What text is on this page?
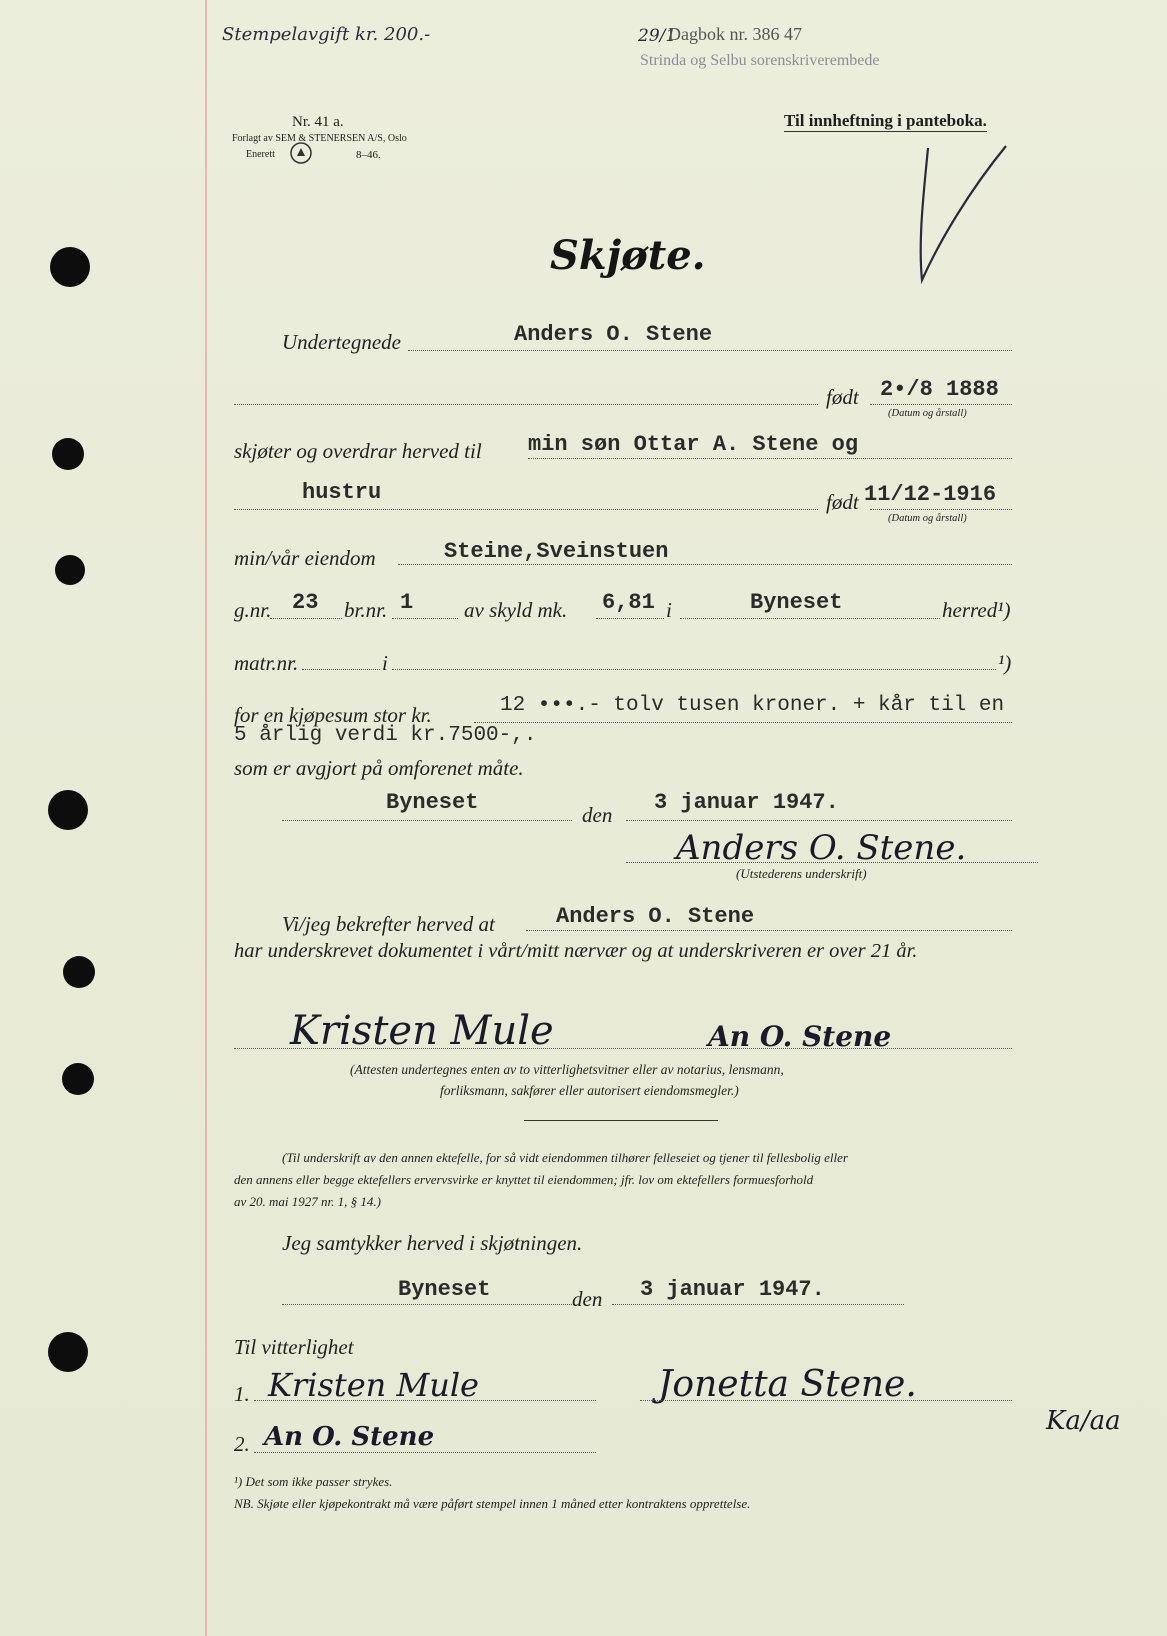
Stempelavgift kr. 200.-	29/1
Dagbok nr. 386 47
Strinda og Selbu sorenskriverembede
Nr. 41 a.
Forlagt av SEM & STENERSEN A/S, Oslo
Enerett	8–46.
Til innheftning i panteboka.
Skjøte.
Undertegnede	Anders O. Stene
født 2•/8 1888
(Datum og årstall)
skjøter og overdrar herved til min søn Ottar A. Stene og
hustru	født 11/12-1916
(Datum og årstall)
min/vår eiendom	Steine,Sveinstuen
g.nr. 23 br.nr. 1 av skyld mk. 6,81 i	Byneset	herred¹)
matr.nr.	i	¹)
for en kjøpesum stor kr.	12 •••.- tolv tusen kroner. + kår til en
5 årlig verdi kr.7500-,.
som er avgjort på omforenet måte.
Byneset	den 3 januar 1947.
Anders O. Stene.
(Utstederens underskrift)
Vi/jeg bekrefter herved at	Anders O. Stene
har underskrevet dokumentet i vårt/mitt nærvær og at underskriveren er over 21 år.
Kristen Mule	An O. Stene
(Attesten undertegnes enten av to vitterlighetsvitner eller av notarius, lensmann,
forliksmann, sakfører eller autorisert eiendomsmegler.)
(Til underskrift av den annen ektefelle, for så vidt eiendommen tilhører felleseiet og tjener til fellesbolig eller
den annens eller begge ektefellers ervervsvirke er knyttet til eiendommen; jfr. lov om ektefellers formuesforhold
av 20. mai 1927 nr. 1, § 14.)
Jeg samtykker herved i skjøtningen.
Byneset	den 3 januar 1947.
Til vitterlighet
1. Kristen Mule	Jonetta Stene.
Ka/aa
2. An O. Stene
¹) Det som ikke passer strykes.
NB. Skjøte eller kjøpekontrakt må være påført stempel innen 1 måned etter kontraktens opprettelse.
